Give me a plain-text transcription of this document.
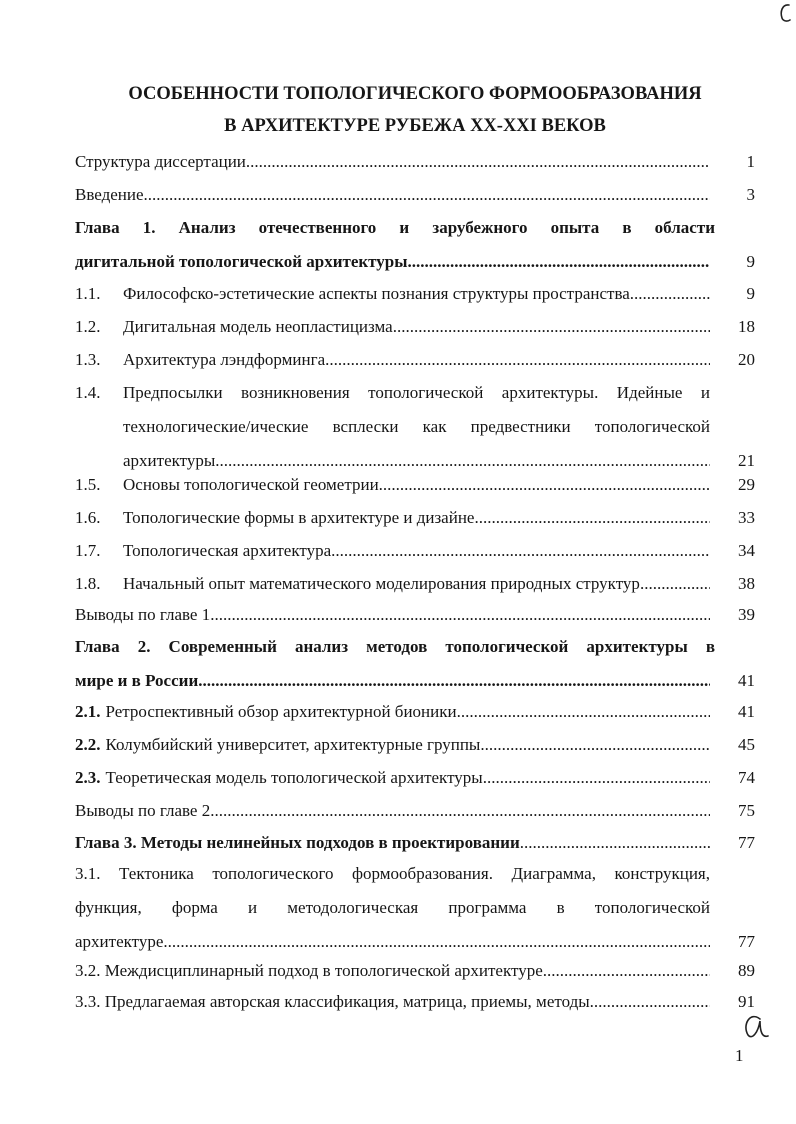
ОСОБЕННОСТИ ТОПОЛОГИЧЕСКОГО ФОРМООБРАЗОВАНИЯ
В АРХИТЕКТУРЕ РУБЕЖА XX-XXI ВЕКОВ
Структура диссертации .....	1
Введение .....	3
Глава 1. Анализ отечественного и зарубежного опыта в области
дигитальной топологической архитектуры .....	9
1.1. Философско-эстетические аспекты познания структуры пространства .....	9
1.2. Дигитальная модель неопластицизма .....	18
1.3. Архитектура лэндформинга .....	20
1.4. Предпосылки возникновения топологической архитектуры. Идейные и
технологические/ические всплески как предвестники топологической
архитектуры .....	21
1.5. Основы топологической геометрии .....	29
1.6. Топологические формы в архитектуре и дизайне .....	33
1.7. Топологическая архитектура .....	34
1.8. Начальный опыт математического моделирования природных структур .....	38
Выводы по главе 1 .....	39
Глава 2. Современный анализ методов топологической архитектуры в
мире и в России .....	41
2.1. Ретроспективный обзор архитектурной бионики .....	41
2.2. Колумбийский университет, архитектурные группы .....	45
2.3. Теоретическая модель топологической архитектуры .....	74
Выводы по главе 2 .....	75
Глава 3. Методы нелинейных подходов в проектировании .....	77
3.1. Тектоника топологического формообразования. Диаграмма, конструкция,
функция, форма и методологическая программа в топологической
архитектуре .....	77
3.2. Междисциплинарный подход в топологической архитектуре .....	89
3.3. Предлагаемая авторская классификация, матрица, приемы, методы .....	91
1
